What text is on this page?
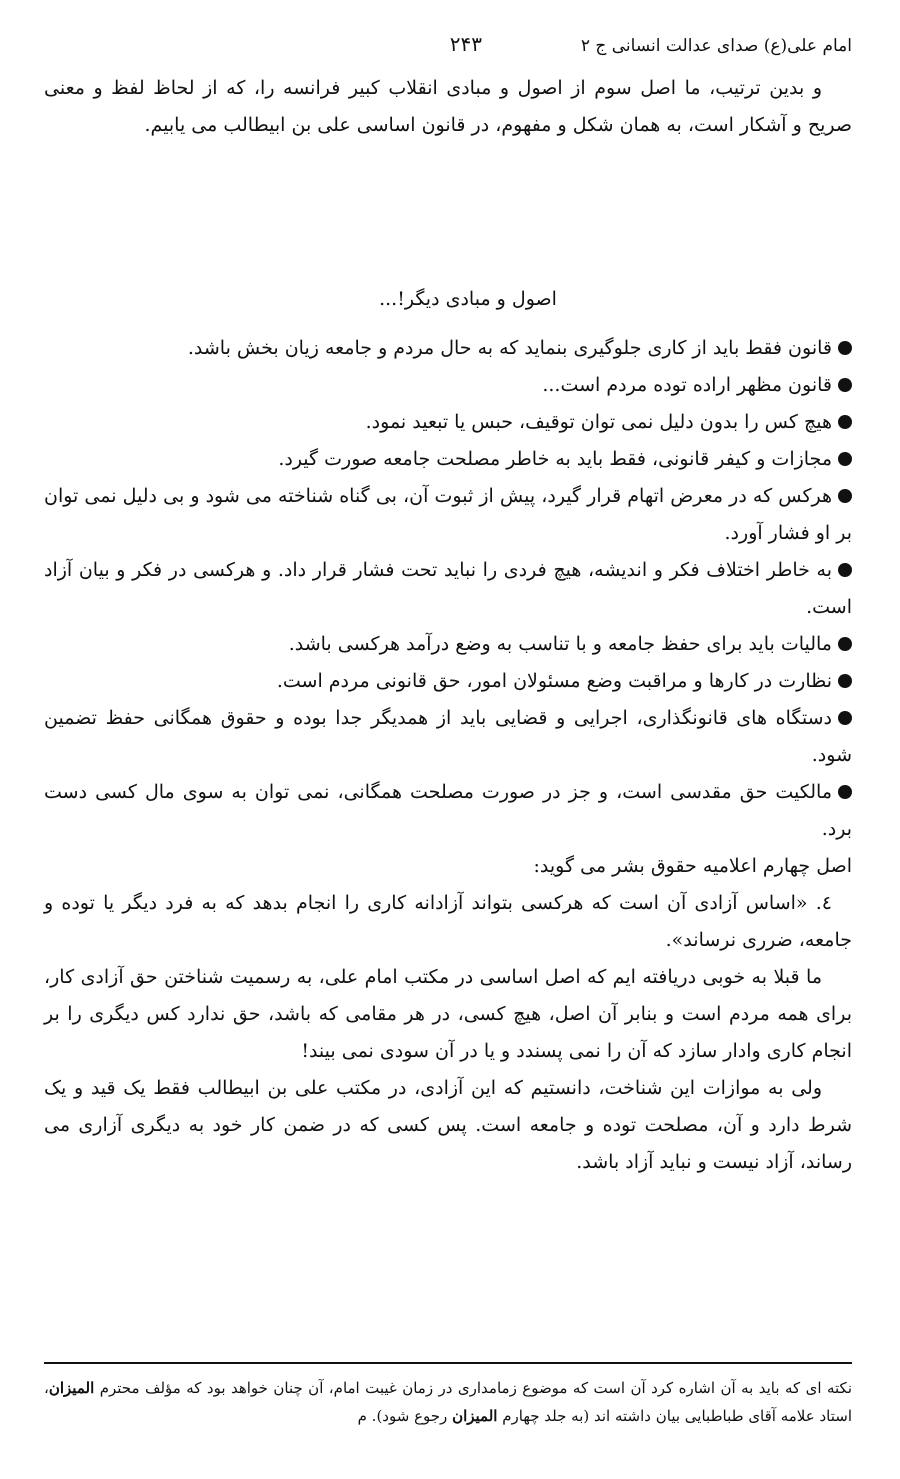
امام علی(ع) صدای عدالت انسانی ج ۲
۲۴۳

و بدین ترتیب، ما اصل سوم از اصول و مبادی انقلاب کبیر فرانسه را، که از لحاظ لفظ و معنی صریح و آشکار است، به همان شکل و مفهوم، در قانون اساسی علی بن ابیطالب می یابیم.

اصول و مبادی دیگر!...
قانون فقط باید از کاری جلوگیری بنماید که به حال مردم و جامعه زیان بخش باشد.
قانون مظهر اراده توده مردم است...
هیچ کس را بدون دلیل نمی توان توقیف، حبس یا تبعید نمود.
مجازات و کیفر قانونی، فقط باید به خاطر مصلحت جامعه صورت گیرد.
هرکس که در معرض اتهام قرار گیرد، پیش از ثبوت آن، بی گناه شناخته می شود و بی دلیل نمی توان بر او فشار آورد.
به خاطر اختلاف فکر و اندیشه، هیچ فردی را نباید تحت فشار قرار داد. و هرکسی در فکر و بیان آزاد است.
مالیات باید برای حفظ جامعه و با تناسب به وضع درآمد هرکسی باشد.
نظارت در کارها و مراقبت وضع مسئولان امور، حق قانونی مردم است.
دستگاه های قانونگذاری، اجرایی و قضایی باید از همدیگر جدا بوده و حقوق همگانی حفظ تضمین شود.
مالکیت حق مقدسی است، و جز در صورت مصلحت همگانی، نمی توان به سوی مال کسی دست برد.

اصل چهارم اعلامیه حقوق بشر می گوید:

٤. «اساس آزادی آن است که هرکسی بتواند آزادانه کاری را انجام بدهد که به فرد دیگر یا توده و جامعه، ضرری نرساند».

ما قبلا به خوبی دریافته ایم که اصل اساسی در مکتب امام علی، به رسمیت شناختن حق آزادی کار، برای همه مردم است و بنابر آن اصل، هیچ کسی، در هر مقامی که باشد، حق ندارد کس دیگری را بر انجام کاری وادار سازد که آن را نمی پسندد و یا در آن سودی نمی بیند!

ولی به موازات این شناخت، دانستیم که این آزادی، در مکتب علی بن ابیطالب فقط یک قید و یک شرط دارد و آن، مصلحت توده و جامعه است. پس کسی که در ضمن کار خود به دیگری آزاری می رساند، آزاد نیست و نباید آزاد باشد.

نکته ای که باید به آن اشاره کرد آن است که موضوع زمامداری در زمان غیبت امام، آن چنان خواهد بود که مؤلف محترم المیزان، استاد علامه آقای طباطبایی بیان داشته اند (به جلد چهارم المیزان رجوع شود). م
